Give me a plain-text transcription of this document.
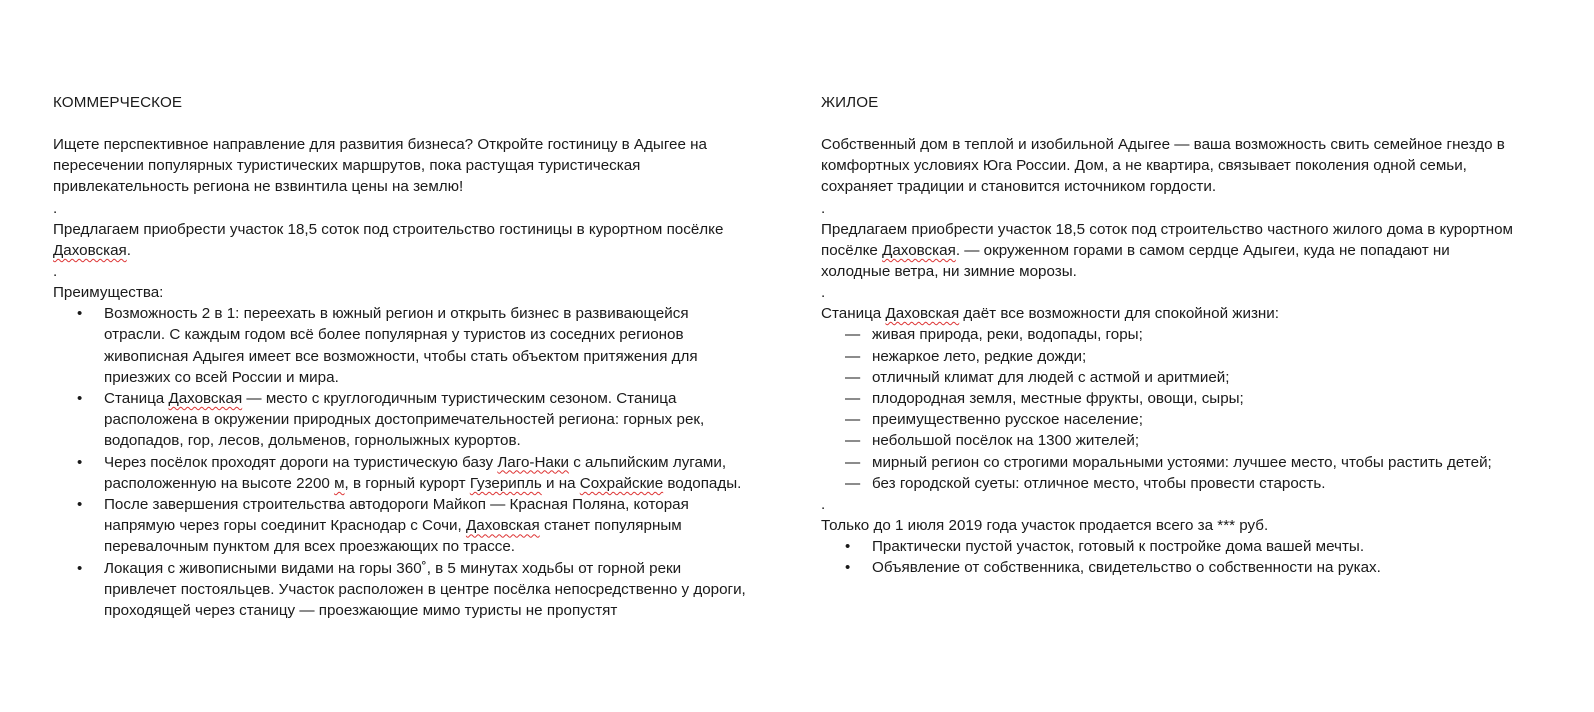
КОММЕРЧЕСКОЕ

Ищете перспективное направление для развития бизнеса? Откройте гостиницу в Адыгее на пересечении популярных туристических маршрутов, пока растущая туристическая привлекательность региона не взвинтила цены на землю!

.

Предлагаем приобрести участок 18,5 соток под строительство гостиницы в курортном посёлке Даховская.

.

Преимущества:

• Возможность 2 в 1: переехать в южный регион и открыть бизнес в развивающейся отрасли. С каждым годом всё более популярная у туристов из соседних регионов живописная Адыгея имеет все возможности, чтобы стать объектом притяжения для приезжих со всей России и мира.
• Станица Даховская — место с круглогодичным туристическим сезоном. Станица расположена в окружении природных достопримечательностей региона: горных рек, водопадов, гор, лесов, дольменов, горнолыжных курортов.
• Через посёлок проходят дороги на туристическую базу Лаго-Наки с альпийским лугами, расположенную на высоте 2200 м, в горный курорт Гузерипль и на Сохрайские водопады.
• После завершения строительства автодороги Майкоп — Красная Поляна, которая напрямую через горы соединит Краснодар с Сочи, Даховская станет популярным перевалочным пунктом для всех проезжающих по трассе.
• Локация с живописными видами на горы 360˚, в 5 минутах ходьбы от горной реки привлечет постояльцев. Участок расположен в центре посёлка непосредственно у дороги, проходящей через станицу — проезжающие мимо туристы не пропустят
ЖИЛОЕ

Собственный дом в теплой и изобильной Адыгее — ваша возможность свить семейное гнездо в комфортных условиях Юга России. Дом, а не квартира, связывает поколения одной семьи, сохраняет традиции и становится источником гордости.

.

Предлагаем приобрести участок 18,5 соток под строительство частного жилого дома в курортном посёлке Даховская. — окруженном горами в самом сердце Адыгеи, куда не попадают ни холодные ветра, ни зимние морозы.

.

Станица Даховская даёт все возможности для спокойной жизни:

— живая природа, реки, водопады, горы;
— нежаркое лето, редкие дожди;
— отличный климат для людей с астмой и аритмией;
— плодородная земля, местные фрукты, овощи, сыры;
— преимущественно русское население;
— небольшой посёлок на 1300 жителей;
— мирный регион со строгими моральными устоями: лучшее место, чтобы растить детей;
— без городской суеты: отличное место, чтобы провести старость.
.

Только до 1 июля 2019 года участок продается всего за *** руб.

• Практически пустой участок, готовый к постройке дома вашей мечты.
• Объявление от собственника, свидетельство о собственности на руках.
